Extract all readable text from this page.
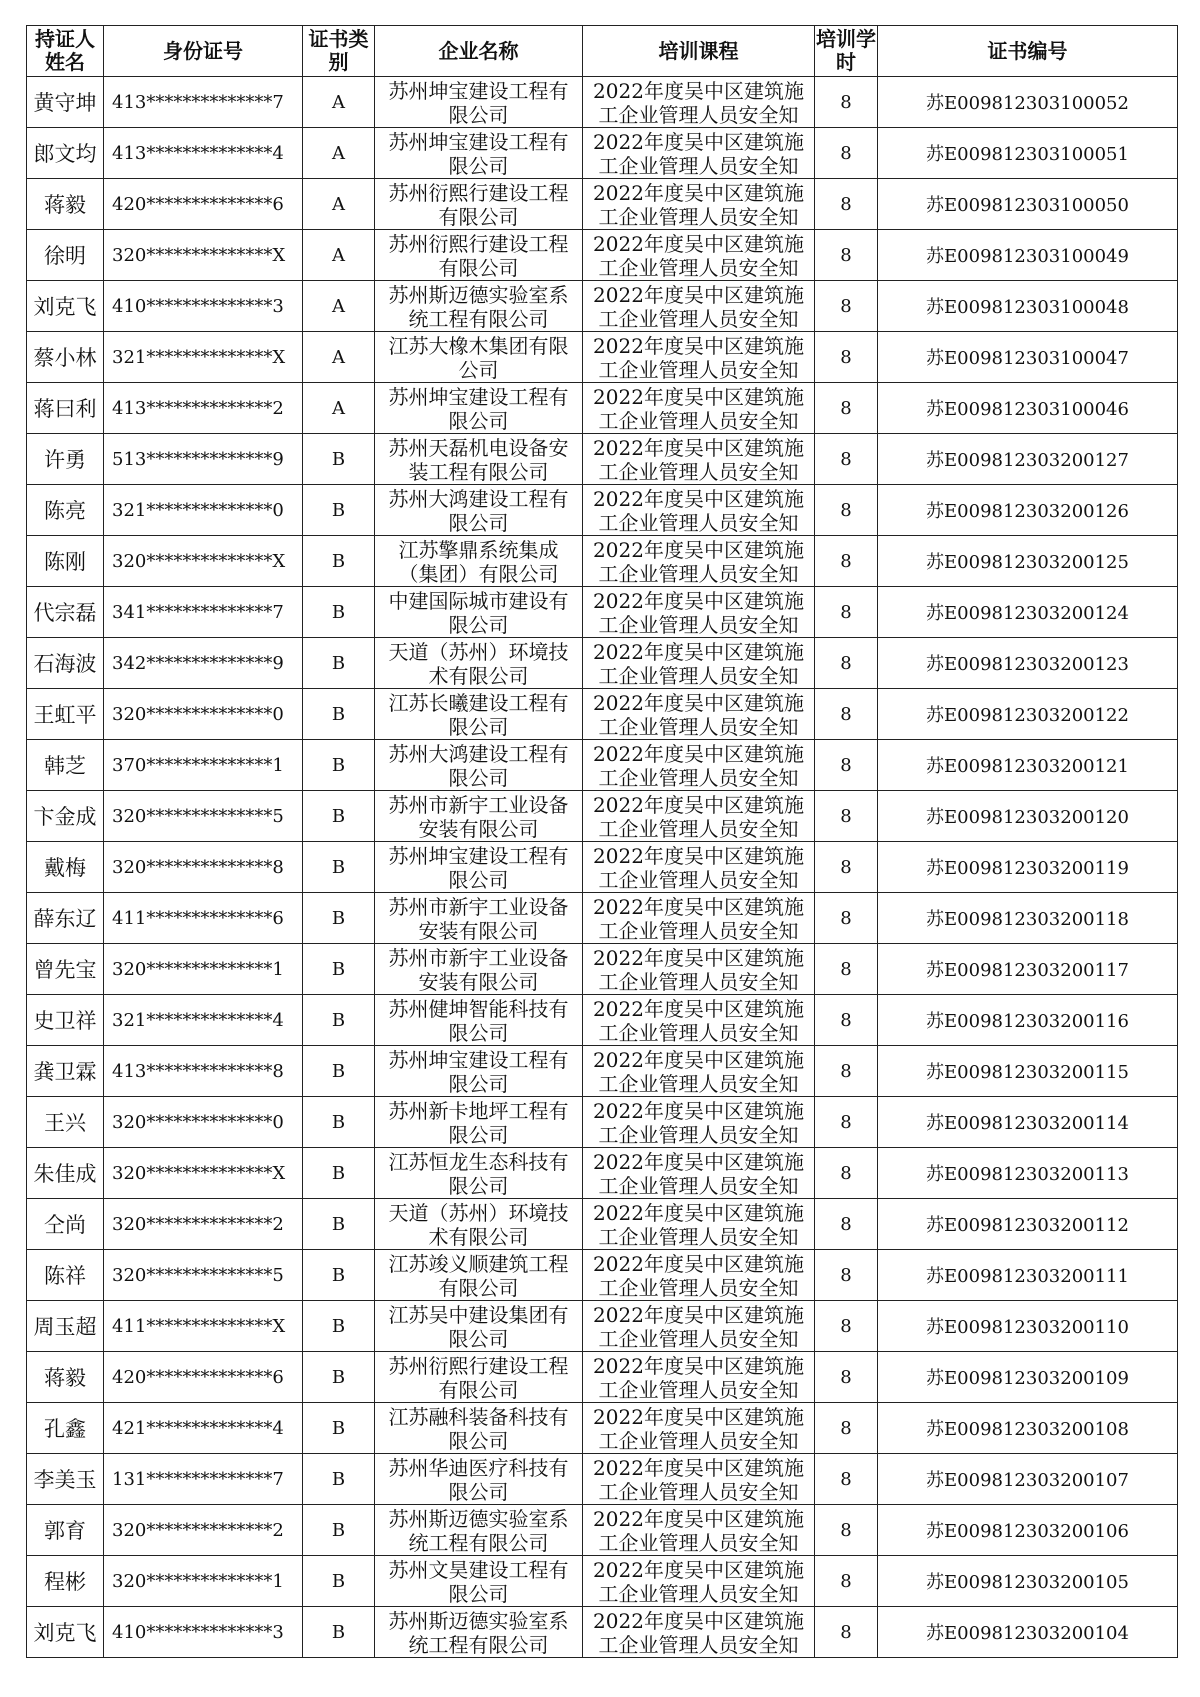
持证人姓名	身份证号	证书类别	企业名称	培训课程	培训学时	证书编号
黄守坤	413**************7	A	苏州坤宝建设工程有限公司	2022年度吴中区建筑施工企业管理人员安全知	8	苏E009812303100052
郎文均	413**************4	A	苏州坤宝建设工程有限公司	2022年度吴中区建筑施工企业管理人员安全知	8	苏E009812303100051
蒋毅	420**************6	A	苏州衍熙行建设工程有限公司	2022年度吴中区建筑施工企业管理人员安全知	8	苏E009812303100050
徐明	320**************X	A	苏州衍熙行建设工程有限公司	2022年度吴中区建筑施工企业管理人员安全知	8	苏E009812303100049
刘克飞	410**************3	A	苏州斯迈德实验室系统工程有限公司	2022年度吴中区建筑施工企业管理人员安全知	8	苏E009812303100048
蔡小林	321**************X	A	江苏大橡木集团有限公司	2022年度吴中区建筑施工企业管理人员安全知	8	苏E009812303100047
蒋曰利	413**************2	A	苏州坤宝建设工程有限公司	2022年度吴中区建筑施工企业管理人员安全知	8	苏E009812303100046
许勇	513**************9	B	苏州天磊机电设备安装工程有限公司	2022年度吴中区建筑施工企业管理人员安全知	8	苏E009812303200127
陈亮	321**************0	B	苏州大鸿建设工程有限公司	2022年度吴中区建筑施工企业管理人员安全知	8	苏E009812303200126
陈刚	320**************X	B	江苏擎鼎系统集成（集团）有限公司	2022年度吴中区建筑施工企业管理人员安全知	8	苏E009812303200125
代宗磊	341**************7	B	中建国际城市建设有限公司	2022年度吴中区建筑施工企业管理人员安全知	8	苏E009812303200124
石海波	342**************9	B	天道（苏州）环境技术有限公司	2022年度吴中区建筑施工企业管理人员安全知	8	苏E009812303200123
王虹平	320**************0	B	江苏长曦建设工程有限公司	2022年度吴中区建筑施工企业管理人员安全知	8	苏E009812303200122
韩芝	370**************1	B	苏州大鸿建设工程有限公司	2022年度吴中区建筑施工企业管理人员安全知	8	苏E009812303200121
卞金成	320**************5	B	苏州市新宇工业设备安装有限公司	2022年度吴中区建筑施工企业管理人员安全知	8	苏E009812303200120
戴梅	320**************8	B	苏州坤宝建设工程有限公司	2022年度吴中区建筑施工企业管理人员安全知	8	苏E009812303200119
薛东辽	411**************6	B	苏州市新宇工业设备安装有限公司	2022年度吴中区建筑施工企业管理人员安全知	8	苏E009812303200118
曾先宝	320**************1	B	苏州市新宇工业设备安装有限公司	2022年度吴中区建筑施工企业管理人员安全知	8	苏E009812303200117
史卫祥	321**************4	B	苏州健坤智能科技有限公司	2022年度吴中区建筑施工企业管理人员安全知	8	苏E009812303200116
龚卫霖	413**************8	B	苏州坤宝建设工程有限公司	2022年度吴中区建筑施工企业管理人员安全知	8	苏E009812303200115
王兴	320**************0	B	苏州新卡地坪工程有限公司	2022年度吴中区建筑施工企业管理人员安全知	8	苏E009812303200114
朱佳成	320**************X	B	江苏恒龙生态科技有限公司	2022年度吴中区建筑施工企业管理人员安全知	8	苏E009812303200113
仝尚	320**************2	B	天道（苏州）环境技术有限公司	2022年度吴中区建筑施工企业管理人员安全知	8	苏E009812303200112
陈祥	320**************5	B	江苏竣义顺建筑工程有限公司	2022年度吴中区建筑施工企业管理人员安全知	8	苏E009812303200111
周玉超	411**************X	B	江苏吴中建设集团有限公司	2022年度吴中区建筑施工企业管理人员安全知	8	苏E009812303200110
蒋毅	420**************6	B	苏州衍熙行建设工程有限公司	2022年度吴中区建筑施工企业管理人员安全知	8	苏E009812303200109
孔鑫	421**************4	B	江苏融科装备科技有限公司	2022年度吴中区建筑施工企业管理人员安全知	8	苏E009812303200108
李美玉	131**************7	B	苏州华迪医疗科技有限公司	2022年度吴中区建筑施工企业管理人员安全知	8	苏E009812303200107
郭育	320**************2	B	苏州斯迈德实验室系统工程有限公司	2022年度吴中区建筑施工企业管理人员安全知	8	苏E009812303200106
程彬	320**************1	B	苏州文昊建设工程有限公司	2022年度吴中区建筑施工企业管理人员安全知	8	苏E009812303200105
刘克飞	410**************3	B	苏州斯迈德实验室系统工程有限公司	2022年度吴中区建筑施工企业管理人员安全知	8	苏E009812303200104
